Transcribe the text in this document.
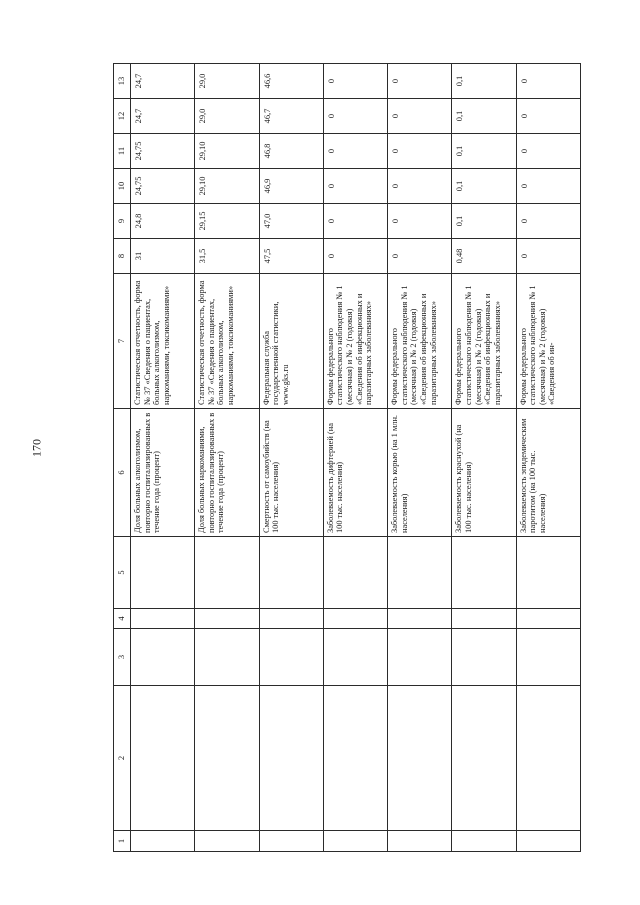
170
1	2	3	4	5	6	7	8	9	10	11	12	13
					Доля больных алкоголизмом, повторно госпитализированных в течение года (процент)	Статистическая отчетность, форма № 37 «Сведения о пациентах, больных алкоголизмом, наркоманиями, токсикоманиями»	31	24,8	24,75	24,75	24,7	24,7
					Доля больных наркоманиями, повторно госпитализированных в течение года (процент)	Статистическая отчетность, форма № 37 «Сведения о пациентах, больных алкоголизмом, наркоманиями, токсикоманиями»	31,5	29,15	29,10	29,10	29,0	29,0
					Смертность от самоубийств (на 100 тыс. населения)	Федеральная служба государственной статистики, www.gks.ru	47,5	47,0	46,9	46,8	46,7	46,6
					Заболеваемость дифтерией (на 100 тыс. населения)	Формы федерального статистического наблюдения № 1 (месячная) и № 2 (годовая) «Сведения об инфекционных и паразитарных заболеваниях»	0	0	0	0	0	0
					Заболеваемость корью (на 1 млн. населения)	Формы федерального статистического наблюдения № 1 (месячная) и № 2 (годовая) «Сведения об инфекционных и паразитарных заболеваниях»	0	0	0	0	0	0
					Заболеваемость краснухой (на 100 тыс. населения)	Формы федерального статистического наблюдения № 1 (месячная) и № 2 (годовая) «Сведения об инфекционных и паразитарных заболеваниях»	0,48	0,1	0,1	0,1	0,1	0,1
					Заболеваемость эпидемическим паротитом (на 100 тыс. населения)	Формы федерального статистического наблюдения № 1 (месячная) и № 2 (годовая) «Сведения об ин-	0	0	0	0	0	0
